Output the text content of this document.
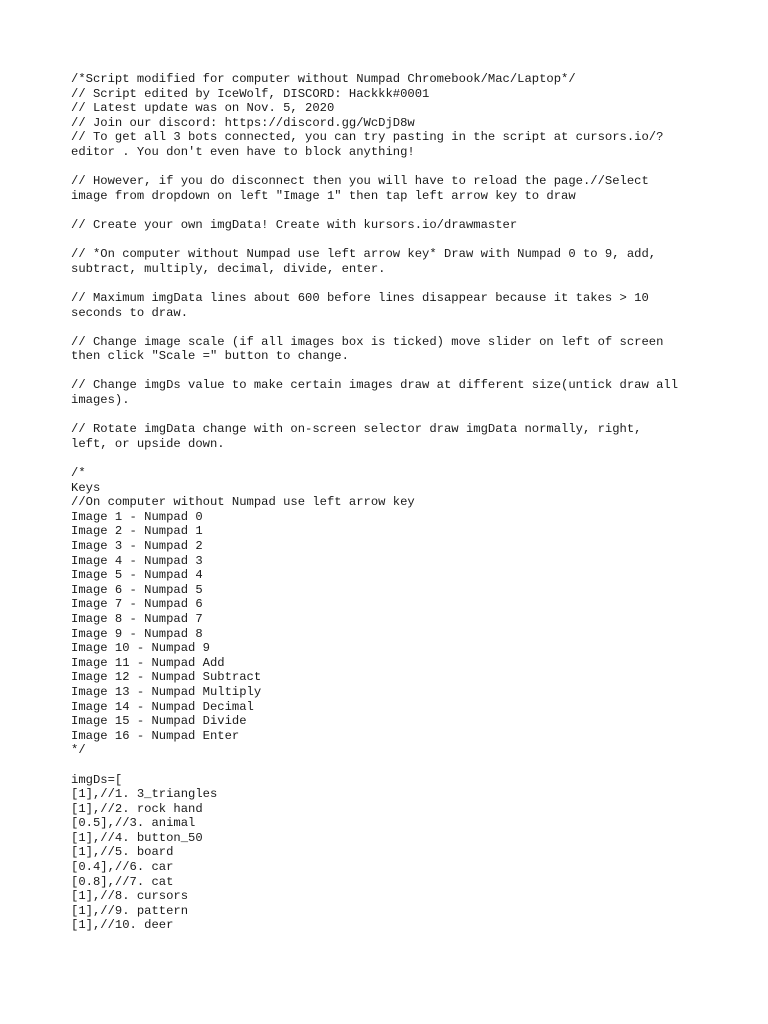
/*Script modified for computer without Numpad Chromebook/Mac/Laptop*/
// Script edited by IceWolf, DISCORD: Hackkk#0001
// Latest update was on Nov. 5, 2020
// Join our discord: https://discord.gg/WcDjD8w
// To get all 3 bots connected, you can try pasting in the script at cursors.io/?
editor . You don't even have to block anything!
// However, if you do disconnect then you will have to reload the page.//Select
image from dropdown on left "Image 1" then tap left arrow key to draw
// Create your own imgData! Create with kursors.io/drawmaster
// *On computer without Numpad use left arrow key* Draw with Numpad 0 to 9, add,
subtract, multiply, decimal, divide, enter.
// Maximum imgData lines about 600 before lines disappear because it takes > 10
seconds to draw.
// Change image scale (if all images box is ticked) move slider on left of screen
then click "Scale =" button to change.
// Change imgDs value to make certain images draw at different size(untick draw all
images).
// Rotate imgData change with on-screen selector draw imgData normally, right,
left, or upside down.
/*
Keys
//On computer without Numpad use left arrow key
Image 1 - Numpad 0
Image 2 - Numpad 1
Image 3 - Numpad 2
Image 4 - Numpad 3
Image 5 - Numpad 4
Image 6 - Numpad 5
Image 7 - Numpad 6
Image 8 - Numpad 7
Image 9 - Numpad 8
Image 10 - Numpad 9
Image 11 - Numpad Add
Image 12 - Numpad Subtract
Image 13 - Numpad Multiply
Image 14 - Numpad Decimal
Image 15 - Numpad Divide
Image 16 - Numpad Enter
*/
imgDs=[
[1],//1. 3_triangles
[1],//2. rock hand
[0.5],//3. animal
[1],//4. button_50
[1],//5. board
[0.4],//6. car
[0.8],//7. cat
[1],//8. cursors
[1],//9. pattern
[1],//10. deer
